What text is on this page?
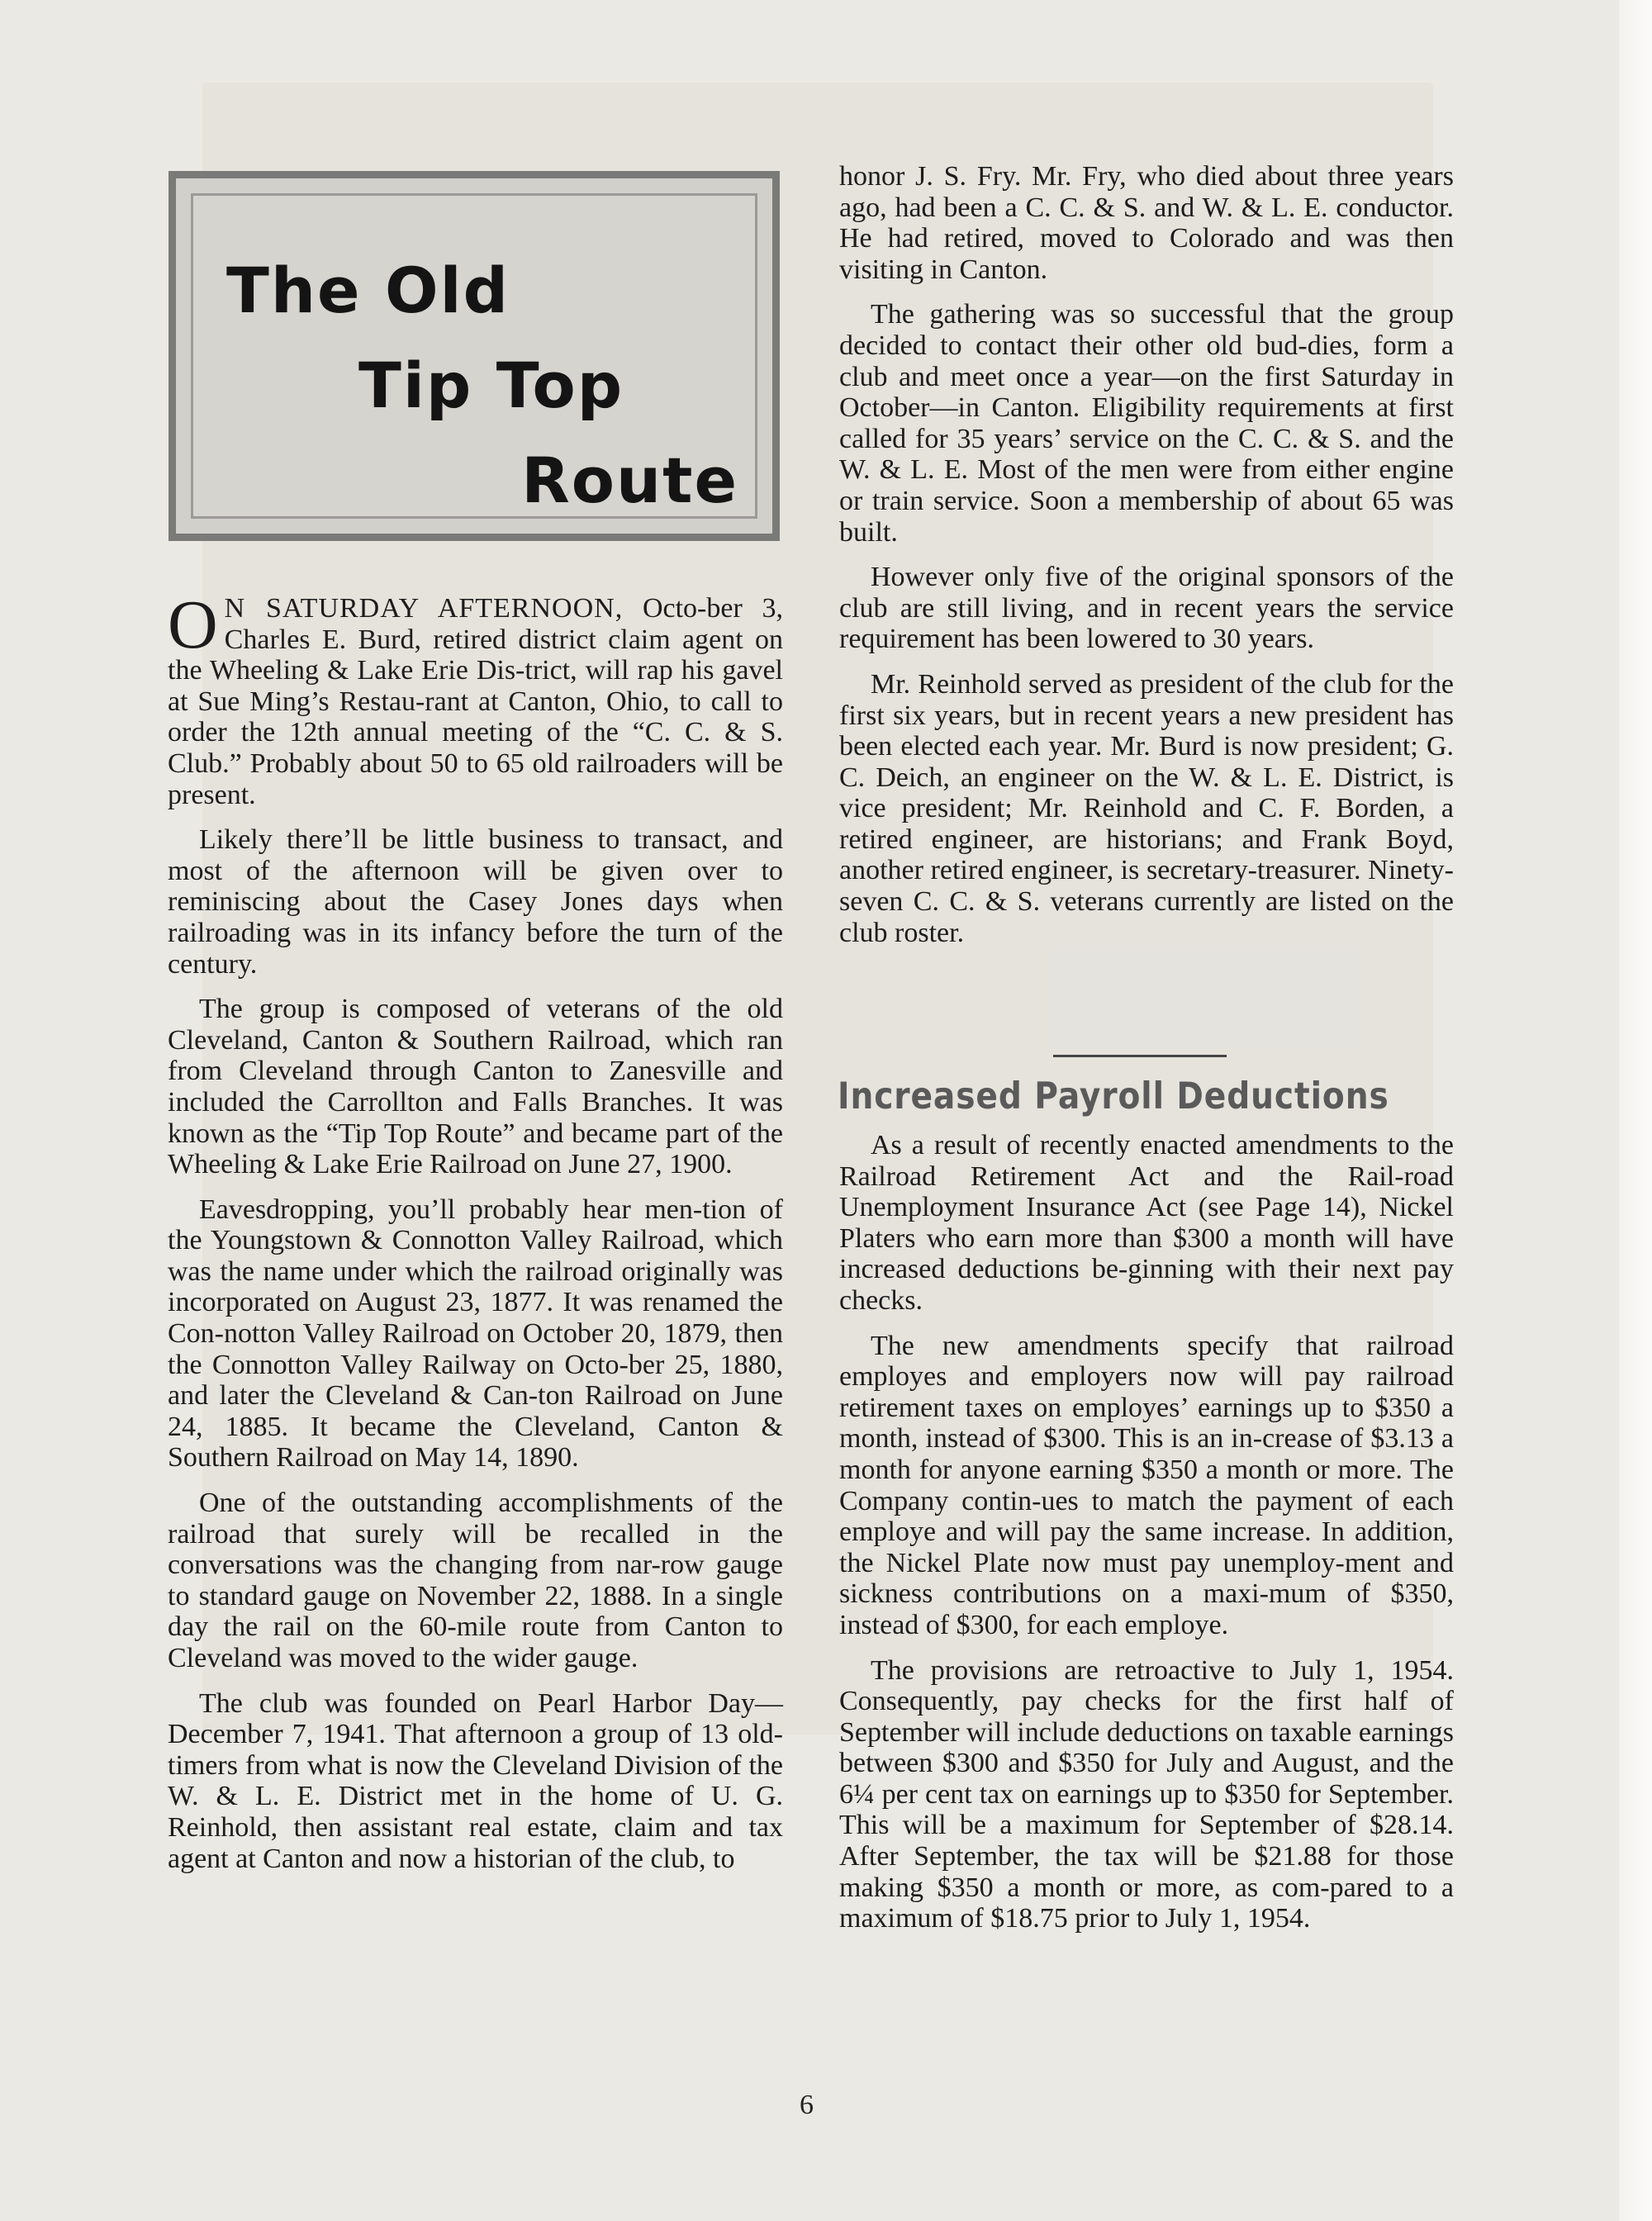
The Old
Tip Top
Route

ON SATURDAY AFTERNOON, Octo-ber 3, Charles E. Burd, retired district claim agent on the Wheeling & Lake Erie Dis-trict, will rap his gavel at Sue Ming’s Restau-rant at Canton, Ohio, to call to order the 12th annual meeting of the “C. C. & S. Club.” Probably about 50 to 65 old railroaders will be present.

Likely there’ll be little business to transact, and most of the afternoon will be given over to reminiscing about the Casey Jones days when railroading was in its infancy before the turn of the century.

The group is composed of veterans of the old Cleveland, Canton & Southern Railroad, which ran from Cleveland through Canton to Zanesville and included the Carrollton and Falls Branches. It was known as the “Tip Top Route” and became part of the Wheeling & Lake Erie Railroad on June 27, 1900.

Eavesdropping, you’ll probably hear men-tion of the Youngstown & Connotton Valley Railroad, which was the name under which the railroad originally was incorporated on August 23, 1877. It was renamed the Con-notton Valley Railroad on October 20, 1879, then the Connotton Valley Railway on Octo-ber 25, 1880, and later the Cleveland & Can-ton Railroad on June 24, 1885. It became the Cleveland, Canton & Southern Railroad on May 14, 1890.

One of the outstanding accomplishments of the railroad that surely will be recalled in the conversations was the changing from nar-row gauge to standard gauge on November 22, 1888. In a single day the rail on the 60-mile route from Canton to Cleveland was moved to the wider gauge.

The club was founded on Pearl Harbor Day—December 7, 1941. That afternoon a group of 13 old-timers from what is now the Cleveland Division of the W. & L. E. District met in the home of U. G. Reinhold, then assistant real estate, claim and tax agent at Canton and now a historian of the club, to

honor J. S. Fry. Mr. Fry, who died about three years ago, had been a C. C. & S. and W. & L. E. conductor. He had retired, moved to Colorado and was then visiting in Canton.

The gathering was so successful that the group decided to contact their other old bud-dies, form a club and meet once a year—on the first Saturday in October—in Canton. Eligibility requirements at first called for 35 years’ service on the C. C. & S. and the W. & L. E. Most of the men were from either engine or train service. Soon a membership of about 65 was built.

However only five of the original sponsors of the club are still living, and in recent years the service requirement has been lowered to 30 years.

Mr. Reinhold served as president of the club for the first six years, but in recent years a new president has been elected each year. Mr. Burd is now president; G. C. Deich, an engineer on the W. & L. E. District, is vice president; Mr. Reinhold and C. F. Borden, a retired engineer, are historians; and Frank Boyd, another retired engineer, is secretary-treasurer. Ninety-seven C. C. & S. veterans currently are listed on the club roster.

Increased Payroll Deductions

As a result of recently enacted amendments to the Railroad Retirement Act and the Rail-road Unemployment Insurance Act (see Page 14), Nickel Platers who earn more than $300 a month will have increased deductions be-ginning with their next pay checks.

The new amendments specify that railroad employes and employers now will pay railroad retirement taxes on employes’ earnings up to $350 a month, instead of $300. This is an in-crease of $3.13 a month for anyone earning $350 a month or more. The Company contin-ues to match the payment of each employe and will pay the same increase. In addition, the Nickel Plate now must pay unemploy-ment and sickness contributions on a maxi-mum of $350, instead of $300, for each employe.

The provisions are retroactive to July 1, 1954. Consequently, pay checks for the first half of September will include deductions on taxable earnings between $300 and $350 for July and August, and the 6¼ per cent tax on earnings up to $350 for September. This will be a maximum for September of $28.14. After September, the tax will be $21.88 for those making $350 a month or more, as com-pared to a maximum of $18.75 prior to July 1, 1954.

6
